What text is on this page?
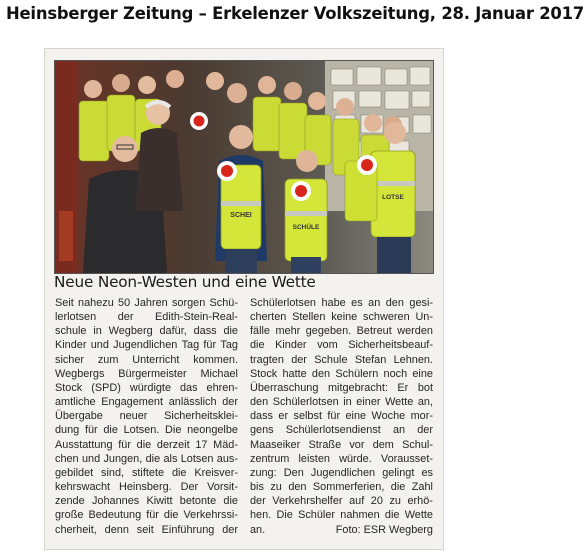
Heinsberger Zeitung – Erkelenzer Volkszeitung, 28. Januar 2017
SCHEI
SCHÜLE
LOTSE
Neue Neon-Westen und eine Wette
Seit nahezu 50 Jahren sorgen Schü-
lerlotsen der Edith-Stein-Real-
schule in Wegberg dafür, dass die
Kinder und Jugendlichen Tag für Tag
sicher zum Unterricht kommen.
Wegbergs Bürgermeister Michael
Stock (SPD) würdigte das ehren-
amtliche Engagement anlässlich der
Übergabe neuer Sicherheitsklei-
dung für die Lotsen. Die neongelbe
Ausstattung für die derzeit 17 Mäd-
chen und Jungen, die als Lotsen aus-
gebildet sind, stiftete die Kreisver-
kehrswacht Heinsberg. Der Vorsit-
zende Johannes Kiwitt betonte die
große Bedeutung für die Verkehrssi-
cherheit, denn seit Einführung der
Schülerlotsen habe es an den gesi-
cherten Stellen keine schweren Un-
fälle mehr gegeben. Betreut werden
die Kinder vom Sicherheitsbeauf-
tragten der Schule Stefan Lehnen.
Stock hatte den Schülern noch eine
Überraschung mitgebracht: Er bot
den Schülerlotsen in einer Wette an,
dass er selbst für eine Woche mor-
gens Schülerlotsendienst an der
Maaseiker Straße vor dem Schul-
zentrum leisten würde. Vorausset-
zung: Den Jugendlichen gelingt es
bis zu den Sommerferien, die Zahl
der Verkehrshelfer auf 20 zu erhö-
hen. Die Schüler nahmen die Wette
an.	Foto: ESR Wegberg
